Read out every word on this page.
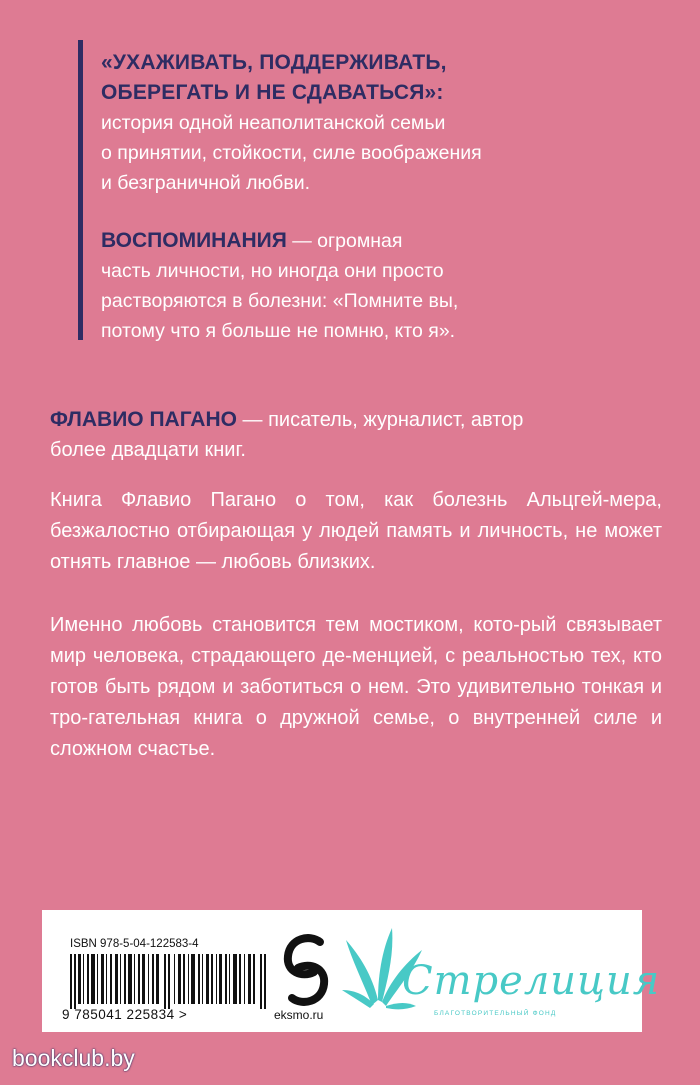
«УХАЖИВАТЬ, ПОДДЕРЖИВАТЬ,
ОБЕРЕГАТЬ И НЕ СДАВАТЬСЯ»:
история одной неаполитанской семьи
о принятии, стойкости, силе воображения
и безграничной любви.
ВОСПОМИНАНИЯ — огромная
часть личности, но иногда они просто
растворяются в болезни: «Помните вы,
потому что я больше не помню, кто я».
ФЛАВИО ПАГАНО — писатель, журналист, автор
более двадцати книг.

Книга Флавио Пагано о том, как болезнь Альцгей-мера, безжалостно отбирающая у людей память и личность, не может отнять главное — любовь близких.

Именно любовь становится тем мостиком, кото-рый связывает мир человека, страдающего де-менцией, с реальностью тех, кто готов быть рядом и заботиться о нем. Это удивительно тонкая и тро-гательная книга о дружной семье, о внутренней силе и сложном счастье.

ISBN 978-5-04-122583-4
9 785041 225834 >	eksmo.ru
Стрелиция
БЛАГОТВОРИТЕЛЬНЫЙ ФОНД
bookclub.by
